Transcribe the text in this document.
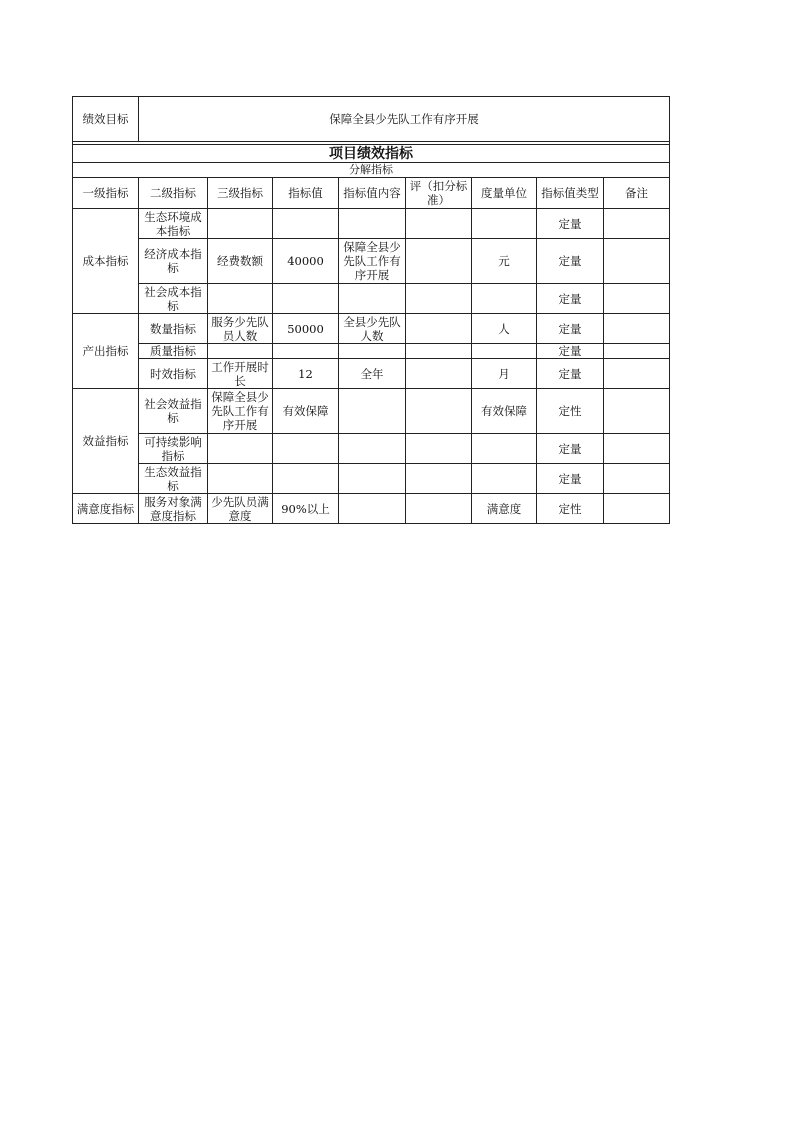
绩效目标	保障全县少先队工作有序开展							

项目绩效指标								
分解指标								
一级指标	二级指标	三级指标	指标值	指标值内容	评（扣分标准）	度量单位	指标值类型	备注
成本指标	生态环境成本指标						定量	
	经济成本指标	经费数额	40000	保障全县少先队工作有序开展		元	定量	
	社会成本指标						定量	
产出指标	数量指标	服务少先队员人数	50000	全县少先队人数		人	定量	
	质量指标						定量	
	时效指标	工作开展时长	12	全年		月	定量	
效益指标	社会效益指标	保障全县少先队工作有序开展	有效保障			有效保障	定性	
	可持续影响指标						定量	
	生态效益指标						定量	
满意度指标	服务对象满意度指标	少先队员满意度	90%以上			满意度	定性	
